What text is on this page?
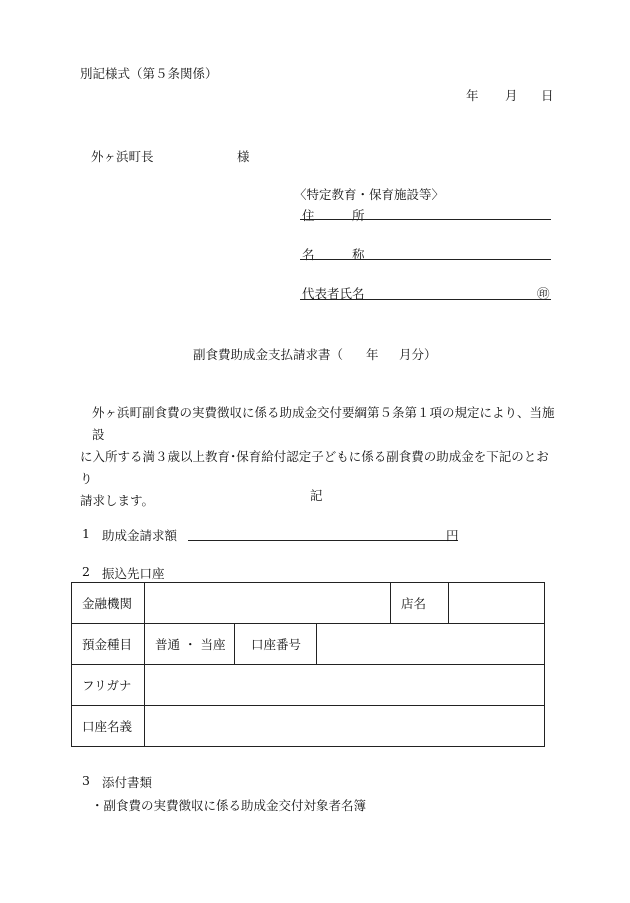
別記様式（第５条関係）
年 月 日
外ヶ浜町長	様
〈特定教育・保育施設等〉
住	所
名	称
代表者氏名	㊞
副食費助成金支払請求書（ 年 月分）

外ヶ浜町副食費の実費徴収に係る助成金交付要綱第５条第１項の規定により、当施設

に入所する満３歳以上教育･保育給付認定子どもに係る副食費の助成金を下記のとおり

請求します。	記
1 助成金請求額	円
2 振込先口座
金融機関				店名	
預金種目	普通 ・ 当座	口座番号			
フリガナ					
口座名義					
3 添付書類
・副食費の実費徴収に係る助成金交付対象者名簿
